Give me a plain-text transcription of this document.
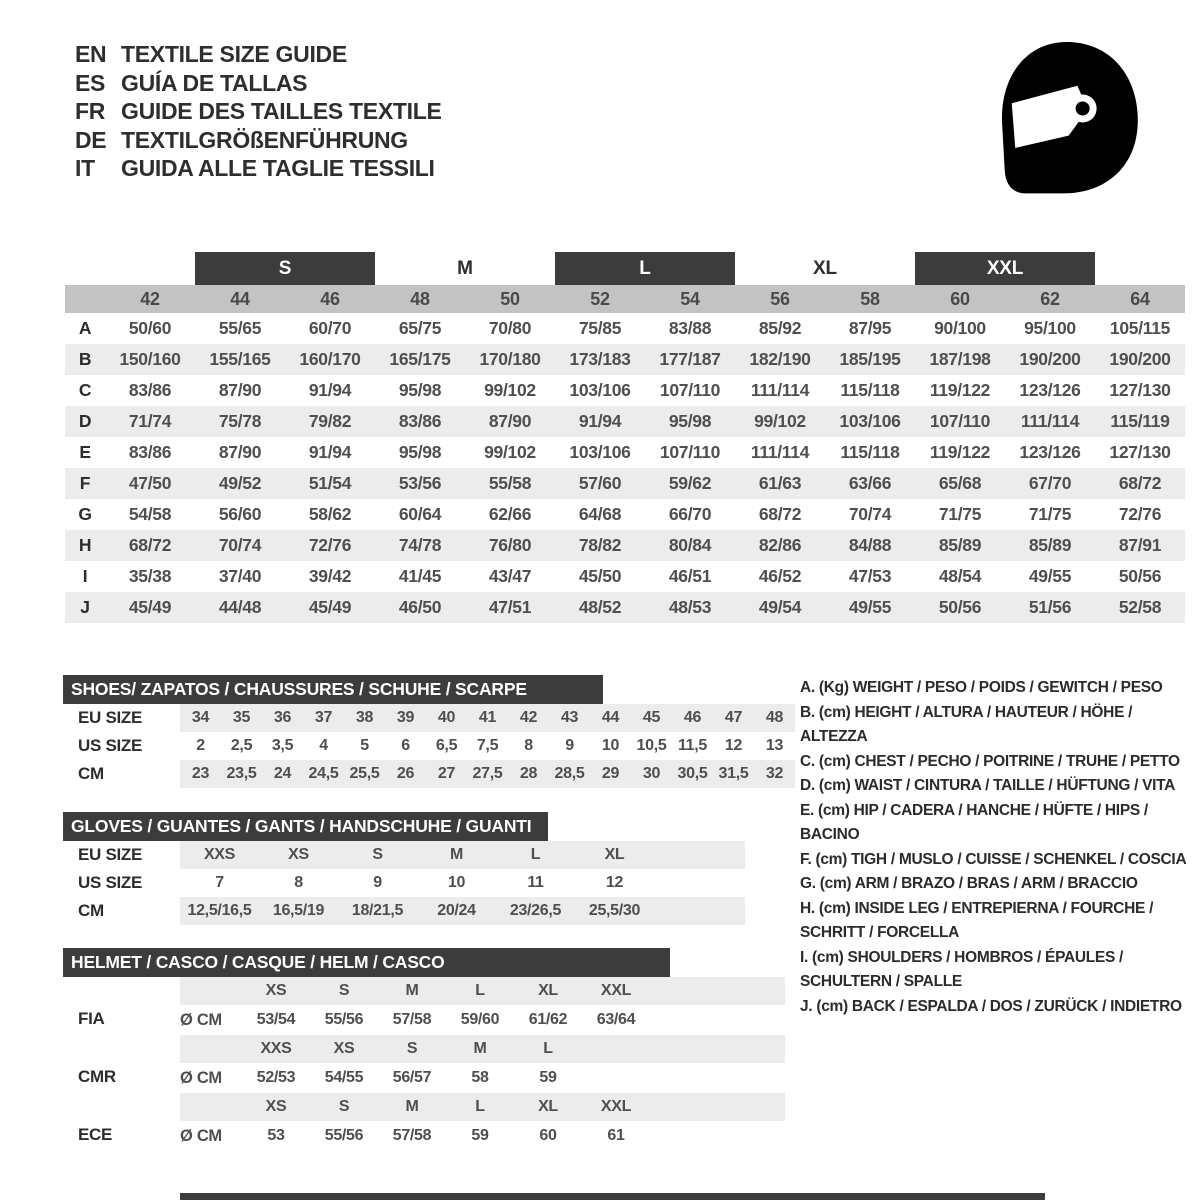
EN TEXTILE SIZE GUIDE
ES GUÍA DE TALLAS
FR GUIDE DES TAILLES TEXTILE
DE TEXTILGRÖßENFÜHRUNG
IT	GUIDA ALLE TAGLIE TESSILI
S	M	L	XL	XXL
42	44	46	48	50	52	54	56	58	60	62	64
A	50/60	55/65	60/70	65/75	70/80	75/85	83/88	85/92	87/95	90/100	95/100	105/115
B	150/160	155/165	160/170	165/175	170/180	173/183	177/187	182/190	185/195	187/198	190/200	190/200
C	83/86	87/90	91/94	95/98	99/102	103/106	107/110	111/114	115/118	119/122	123/126	127/130
D	71/74	75/78	79/82	83/86	87/90	91/94	95/98	99/102	103/106	107/110	111/114	115/119
E	83/86	87/90	91/94	95/98	99/102	103/106	107/110	111/114	115/118	119/122	123/126	127/130
F	47/50	49/52	51/54	53/56	55/58	57/60	59/62	61/63	63/66	65/68	67/70	68/72
G	54/58	56/60	58/62	60/64	62/66	64/68	66/70	68/72	70/74	71/75	71/75	72/76
H	68/72	70/74	72/76	74/78	76/80	78/82	80/84	82/86	84/88	85/89	85/89	87/91
I	35/38	37/40	39/42	41/45	43/47	45/50	46/51	46/52	47/53	48/54	49/55	50/56
J	45/49	44/48	45/49	46/50	47/51	48/52	48/53	49/54	49/55	50/56	51/56	52/58
SHOES/ ZAPATOS / CHAUSSURES / SCHUHE / SCARPE
EU SIZE	34	35	36	37	38	39	40	41	42	43	44	45	46	47	48
US SIZE	2	2,5	3,5	4	5	6	6,5	7,5	8	9	10	10,5 11,5	12	13
CM	23	23,5	24	24,5 25,5	26	27	27,5	28	28,5	29	30	30,5 31,5	32
GLOVES / GUANTES / GANTS / HANDSCHUHE / GUANTI
EU SIZE	XXS	XS	S	M	L	XL
US SIZE	7	8	9	10	11	12
CM	12,5/16,5	16,5/19	18/21,5	20/24	23/26,5	25,5/30
HELMET / CASCO / CASQUE / HELM / CASCO
XS	S	M	L	XL	XXL
FIA	Ø CM	53/54	55/56	57/58	59/60	61/62	63/64
XXS	XS	S	M	L
CMR	Ø CM	52/53	54/55	56/57	58	59
XS	S	M	L	XL	XXL
ECE	Ø CM	53	55/56	57/58	59	60	61
A. (Kg) WEIGHT / PESO / POIDS / GEWITCH / PESO
B. (cm) HEIGHT / ALTURA / HAUTEUR / HÖHE / ALTEZZA
C. (cm) CHEST / PECHO / POITRINE / TRUHE / PETTO
D. (cm) WAIST / CINTURA / TAILLE / HÜFTUNG / VITA
E. (cm) HIP / CADERA / HANCHE / HÜFTE / HIPS / BACINO
F. (cm) TIGH / MUSLO / CUISSE / SCHENKEL / COSCIA
G. (cm) ARM / BRAZO / BRAS / ARM / BRACCIO
H. (cm) INSIDE LEG / ENTREPIERNA / FOURCHE / SCHRITT / FORCELLA
I. (cm) SHOULDERS / HOMBROS / ÉPAULES / SCHULTERN / SPALLE
J. (cm) BACK / ESPALDA / DOS / ZURÜCK / INDIETRO
